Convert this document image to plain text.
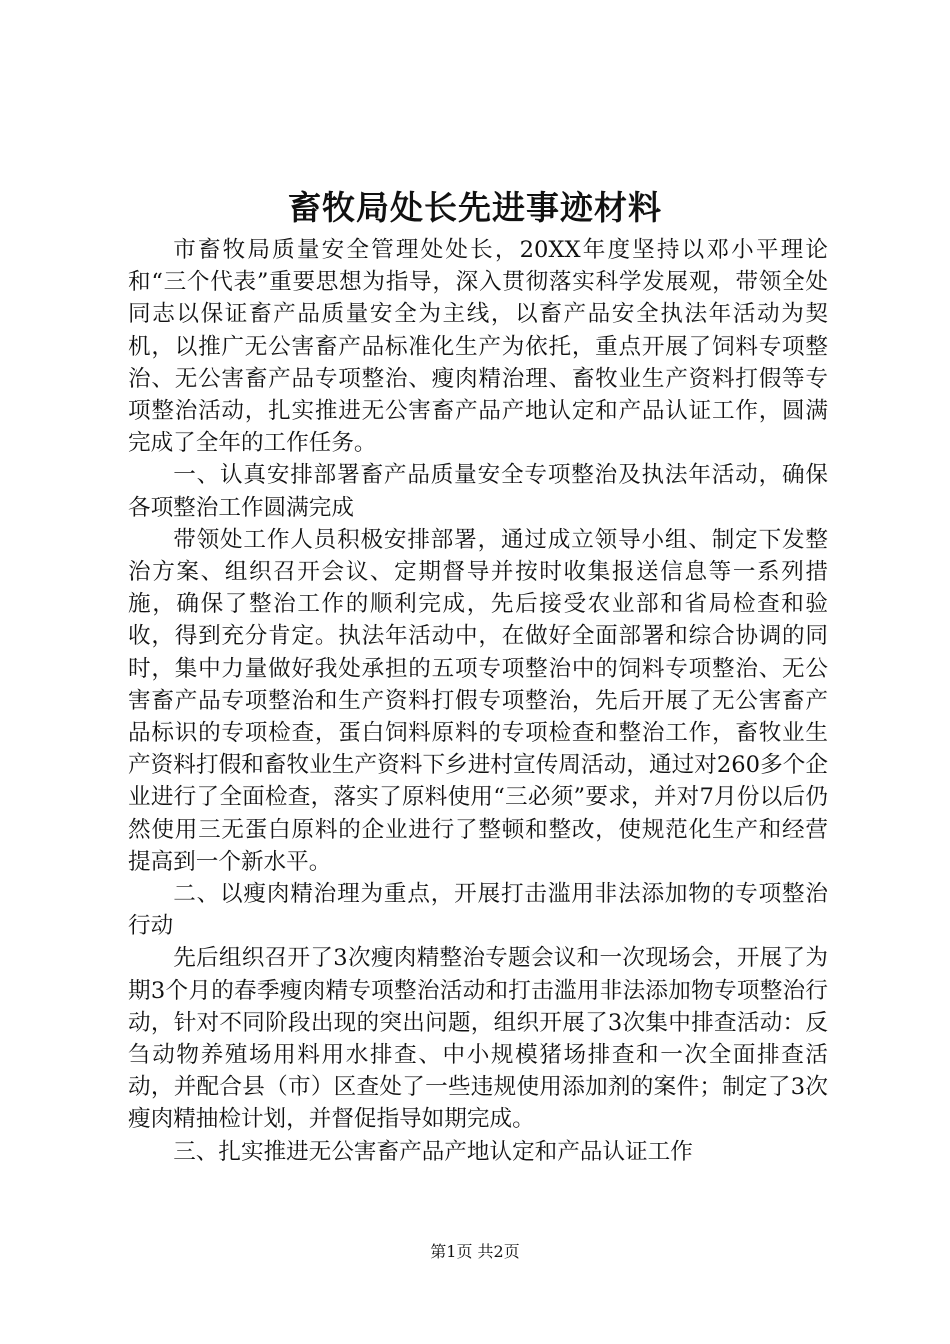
畜牧局处长先进事迹材料

市畜牧局质量安全管理处处长，20XX年度坚持以邓小平理论和“三个代表”重要思想为指导，深入贯彻落实科学发展观，带领全处同志以保证畜产品质量安全为主线，以畜产品安全执法年活动为契机，以推广无公害畜产品标准化生产为依托，重点开展了饲料专项整治、无公害畜产品专项整治、瘦肉精治理、畜牧业生产资料打假等专项整治活动，扎实推进无公害畜产品产地认定和产品认证工作，圆满完成了全年的工作任务。

一、认真安排部署畜产品质量安全专项整治及执法年活动，确保各项整治工作圆满完成

带领处工作人员积极安排部署，通过成立领导小组、制定下发整治方案、组织召开会议、定期督导并按时收集报送信息等一系列措施，确保了整治工作的顺利完成，先后接受农业部和省局检查和验收，得到充分肯定。执法年活动中，在做好全面部署和综合协调的同时，集中力量做好我处承担的五项专项整治中的饲料专项整治、无公害畜产品专项整治和生产资料打假专项整治，先后开展了无公害畜产品标识的专项检查，蛋白饲料原料的专项检查和整治工作，畜牧业生产资料打假和畜牧业生产资料下乡进村宣传周活动，通过对260多个企业进行了全面检查，落实了原料使用“三必须”要求，并对7月份以后仍然使用三无蛋白原料的企业进行了整顿和整改，使规范化生产和经营提高到一个新水平。

二、以瘦肉精治理为重点，开展打击滥用非法添加物的专项整治行动

先后组织召开了3次瘦肉精整治专题会议和一次现场会，开展了为期3个月的春季瘦肉精专项整治活动和打击滥用非法添加物专项整治行动，针对不同阶段出现的突出问题，组织开展了3次集中排查活动：反刍动物养殖场用料用水排查、中小规模猪场排查和一次全面排查活动，并配合县（市）区查处了一些违规使用添加剂的案件；制定了3次瘦肉精抽检计划，并督促指导如期完成。

三、扎实推进无公害畜产品产地认定和产品认证工作

第1页 共2页
